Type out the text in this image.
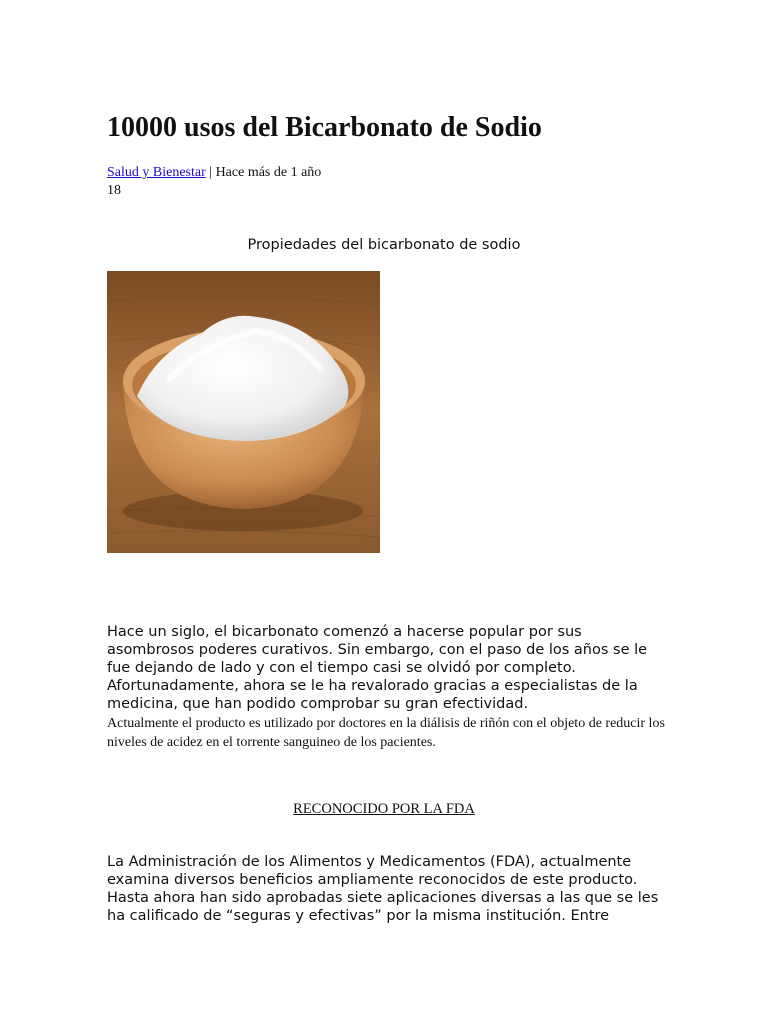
10000 usos del Bicarbonato de Sodio
Salud y Bienestar | Hace más de 1 año
18
Propiedades del bicarbonato de sodio

Hace un siglo, el bicarbonato comenzó a hacerse popular por sus asombrosos poderes curativos. Sin embargo, con el paso de los años se le fue dejando de lado y con el tiempo casi se olvidó por completo. Afortunadamente, ahora se le ha revalorado gracias a especialistas de la medicina, que han podido comprobar su gran efectividad.

Actualmente el producto es utilizado por doctores en la diálisis de riñón con el objeto de reducir los niveles de acidez en el torrente sanguineo de los pacientes.

RECONOCIDO POR LA FDA

La Administración de los Alimentos y Medicamentos (FDA), actualmente examina diversos beneficios ampliamente reconocidos de este producto. Hasta ahora han sido aprobadas siete aplicaciones diversas a las que se les ha calificado de “seguras y efectivas” por la misma institución. Entre
